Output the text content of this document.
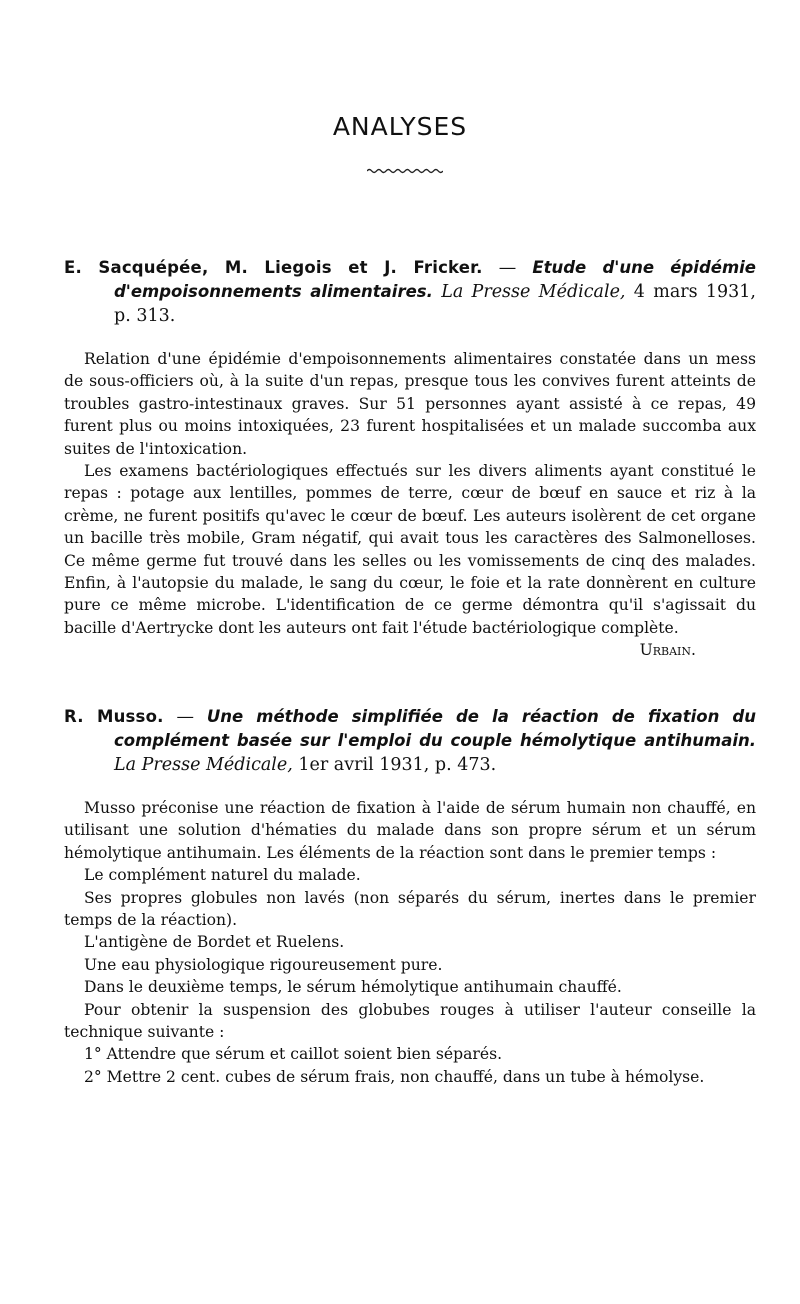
ANALYSES

E. Sacquépée, M. Liegois et J. Fricker. — Etude d'une épidémie d'empoisonnements alimentaires. La Presse Médicale, 4 mars 1931, p. 313.

Relation d'une épidémie d'empoisonnements alimentaires constatée dans un mess de sous-officiers où, à la suite d'un repas, presque tous les convives furent atteints de troubles gastro-intestinaux graves. Sur 51 personnes ayant assisté à ce repas, 49 furent plus ou moins intoxiquées, 23 furent hospitalisées et un malade succomba aux suites de l'intoxication.

Les examens bactériologiques effectués sur les divers aliments ayant constitué le repas : potage aux lentilles, pommes de terre, cœur de bœuf en sauce et riz à la crème, ne furent positifs qu'avec le cœur de bœuf. Les auteurs isolèrent de cet organe un bacille très mobile, Gram négatif, qui avait tous les caractères des Salmonelloses. Ce même germe fut trouvé dans les selles ou les vomissements de cinq des malades. Enfin, à l'autopsie du malade, le sang du cœur, le foie et la rate donnèrent en culture pure ce même microbe. L'identification de ce germe démontra qu'il s'agissait du bacille d'Aertrycke dont les auteurs ont fait l'étude bactériologique complète.
Urbain.

R. Musso. — Une méthode simplifiée de la réaction de fixation du complément basée sur l'emploi du couple hémolytique antihumain. La Presse Médicale, 1er avril 1931, p. 473.

Musso préconise une réaction de fixation à l'aide de sérum humain non chauffé, en utilisant une solution d'hématies du malade dans son propre sérum et un sérum hémolytique antihumain. Les éléments de la réaction sont dans le premier temps :

Le complément naturel du malade.

Ses propres globules non lavés (non séparés du sérum, inertes dans le premier temps de la réaction).

L'antigène de Bordet et Ruelens.

Une eau physiologique rigoureusement pure.

Dans le deuxième temps, le sérum hémolytique antihumain chauffé.

Pour obtenir la suspension des globubes rouges à utiliser l'auteur conseille la technique suivante :

1° Attendre que sérum et caillot soient bien séparés.

2° Mettre 2 cent. cubes de sérum frais, non chauffé, dans un tube à hémolyse.
